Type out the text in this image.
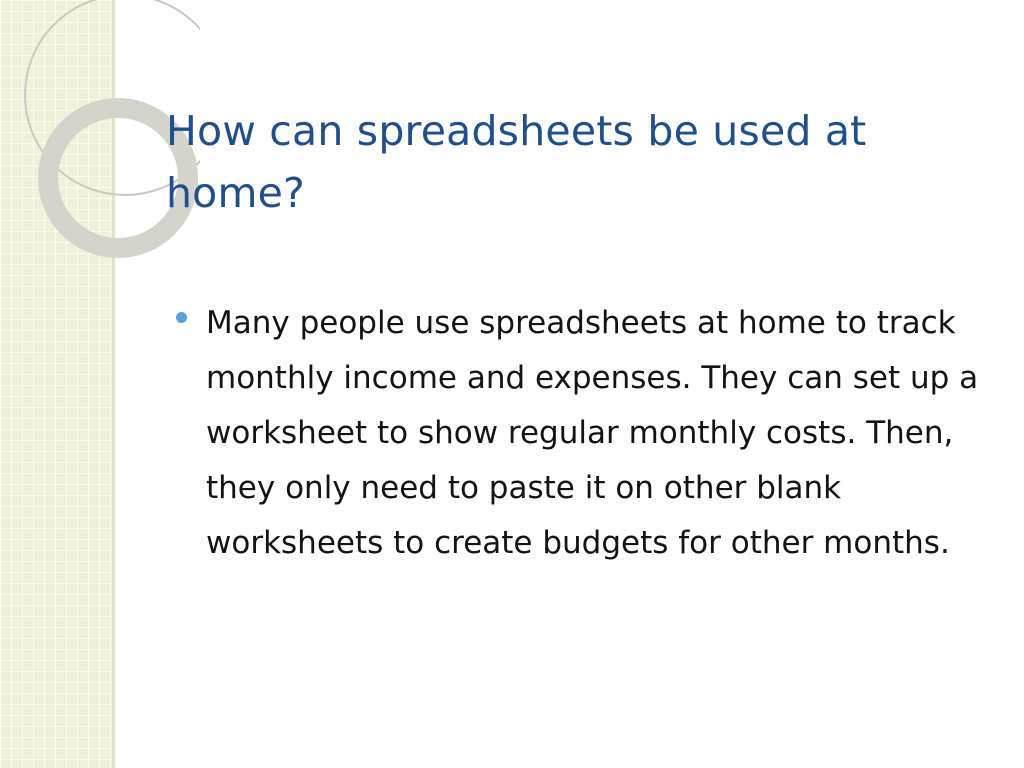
How can spreadsheets be used at home?
Many people use spreadsheets at home to track monthly income and expenses. They can set up a worksheet to show regular monthly costs. Then, they only need to paste it on other blank worksheets to create budgets for other months.
